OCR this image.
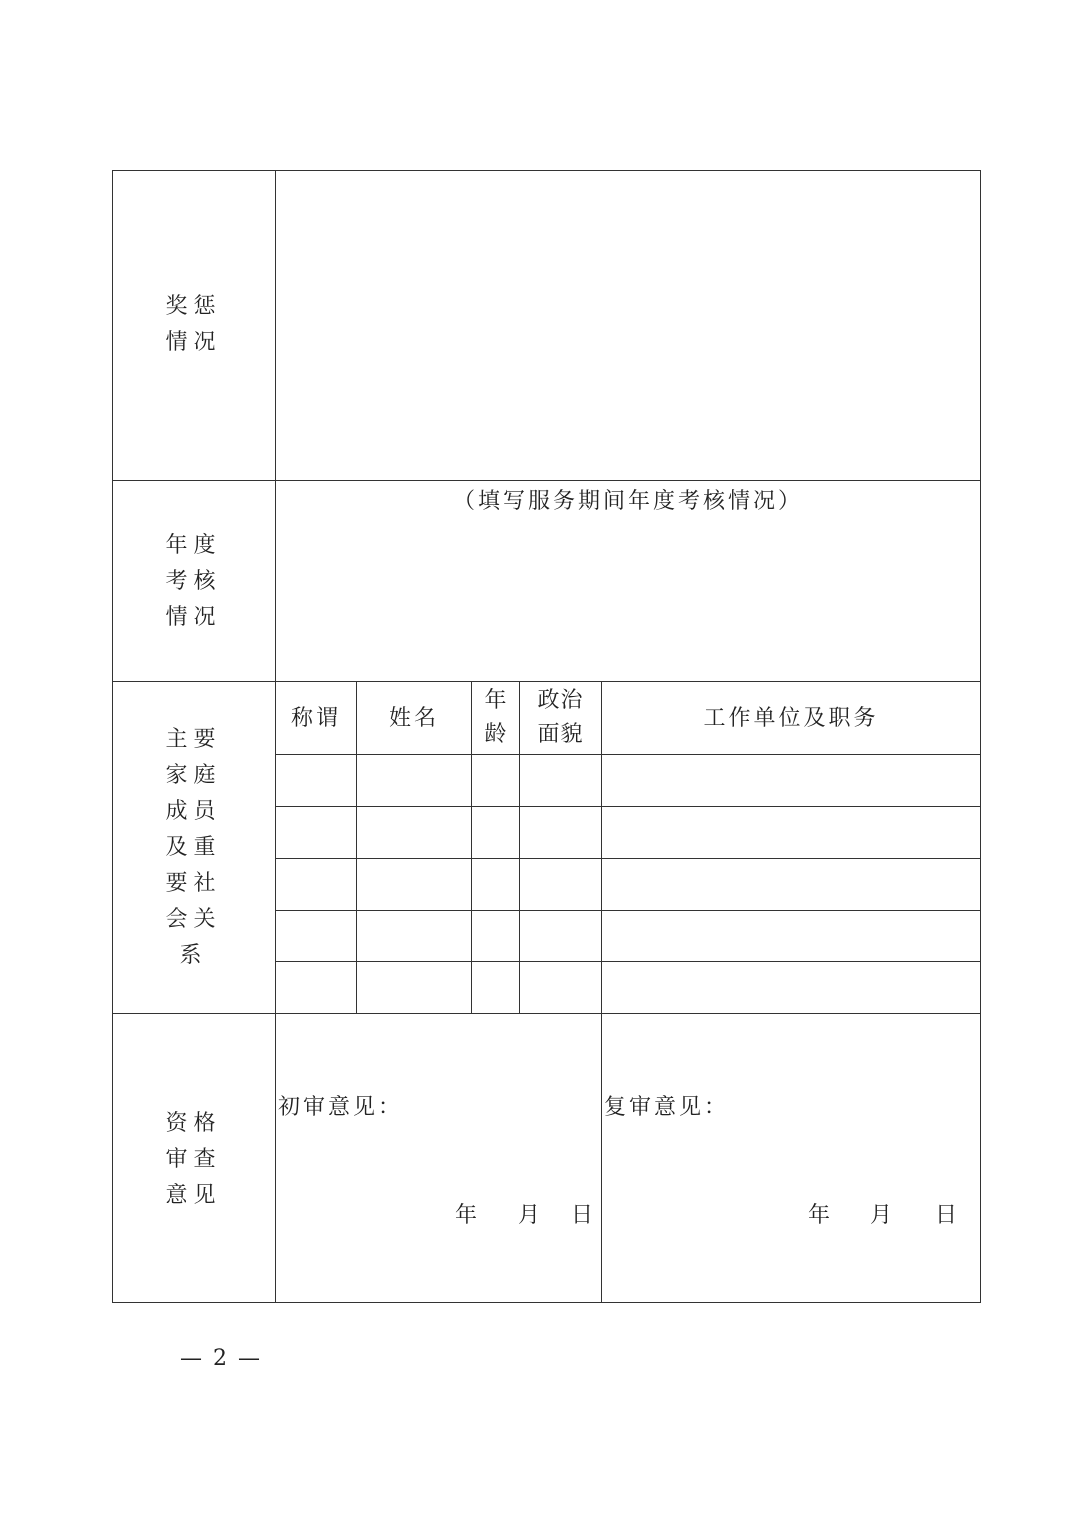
奖惩
情况
年度
考核
情况
（填写服务期间年度考核情况）
主要
家庭
成员
及重
要社
会关
系
称谓	姓名
年
龄
政治
面貌
工作单位及职务
资格
审查
意见
初审意见：
年 月 日
复审意见：
年 月 日
— 2 —
